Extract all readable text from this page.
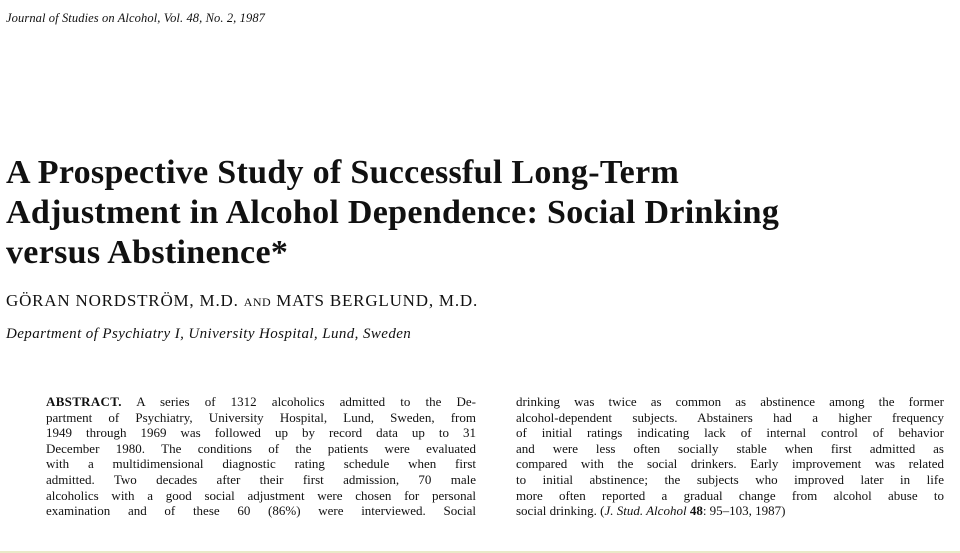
Journal of Studies on Alcohol, Vol. 48, No. 2, 1987
A Prospective Study of Successful Long-Term
Adjustment in Alcohol Dependence: Social Drinking
versus Abstinence*
GÖRAN NORDSTRÖM, M.D. AND MATS BERGLUND, M.D.
Department of Psychiatry I, University Hospital, Lund, Sweden
ABSTRACT. A series of 1312 alcoholics admitted to the De-
partment of Psychiatry, University Hospital, Lund, Sweden, from
1949 through 1969 was followed up by record data up to 31
December 1980. The conditions of the patients were evaluated
with a multidimensional diagnostic rating schedule when first
admitted. Two decades after their first admission, 70 male
alcoholics with a good social adjustment were chosen for personal
examination and of these 60 (86%) were interviewed. Social
drinking was twice as common as abstinence among the former
alcohol-dependent subjects. Abstainers had a higher frequency
of initial ratings indicating lack of internal control of behavior
and were less often socially stable when first admitted as
compared with the social drinkers. Early improvement was related
to initial abstinence; the subjects who improved later in life
more often reported a gradual change from alcohol abuse to
social drinking. (J. Stud. Alcohol 48: 95–103, 1987)
